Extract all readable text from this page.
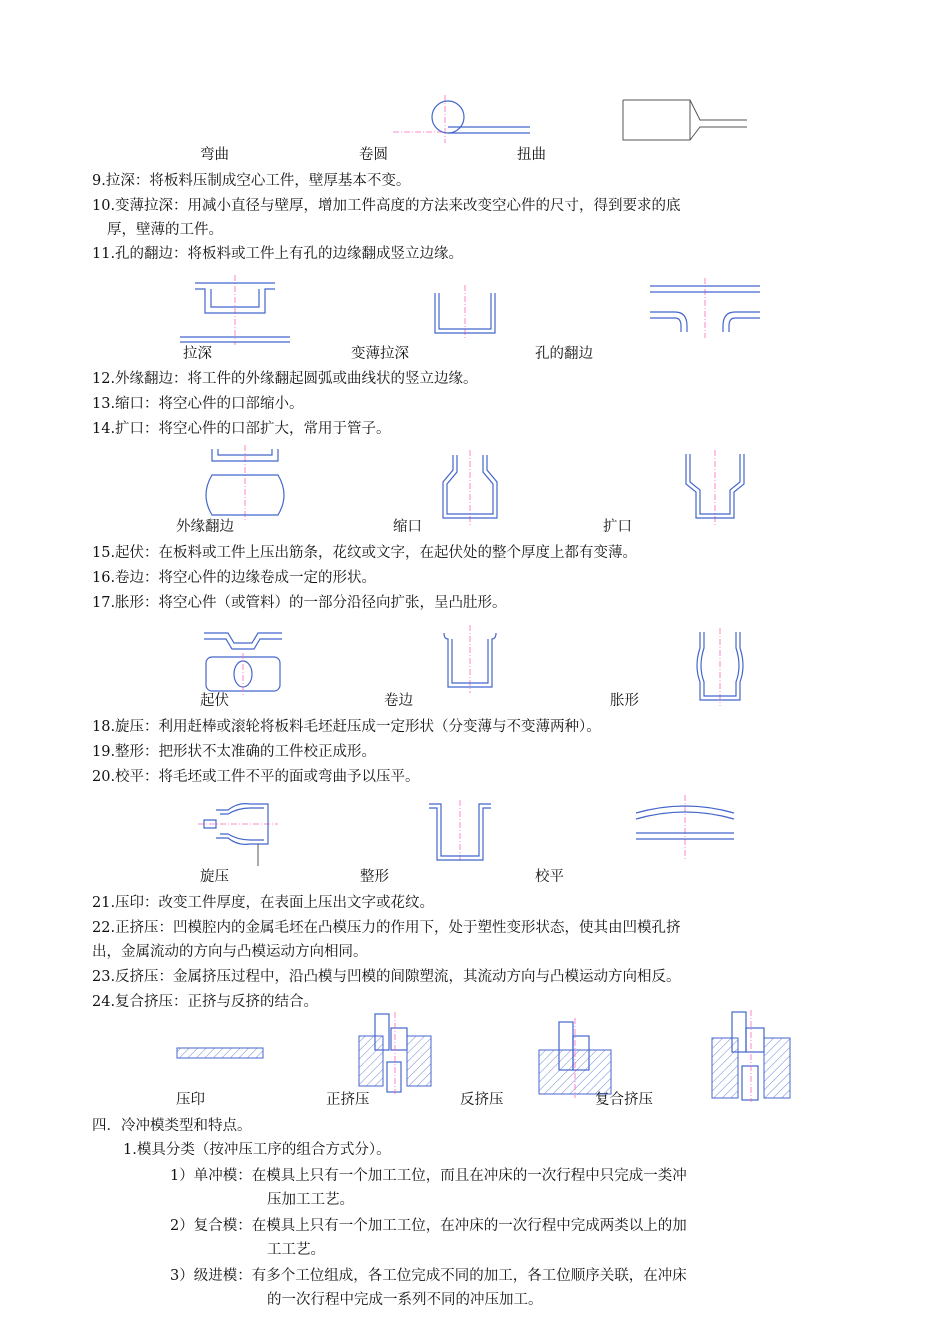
弯曲	卷圆	扭曲
9.拉深：将板料压制成空心工件，壁厚基本不变。
10.变薄拉深：用减小直径与壁厚，增加工件高度的方法来改变空心件的尺寸，得到要求的底
厚，壁薄的工件。
11.孔的翻边：将板料或工件上有孔的边缘翻成竖立边缘。
拉深	变薄拉深	孔的翻边
12.外缘翻边：将工件的外缘翻起圆弧或曲线状的竖立边缘。
13.缩口：将空心件的口部缩小。
14.扩口：将空心件的口部扩大，常用于管子。
外缘翻边	缩口	扩口
15.起伏：在板料或工件上压出筋条，花纹或文字，在起伏处的整个厚度上都有变薄。
16.卷边：将空心件的边缘卷成一定的形状。
17.胀形：将空心件（或管料）的一部分沿径向扩张，呈凸肚形。
起伏	卷边	胀形
18.旋压：利用赶棒或滚轮将板料毛坯赶压成一定形状（分变薄与不变薄两种）。
19.整形：把形状不太准确的工件校正成形。
20.校平：将毛坯或工件不平的面或弯曲予以压平。
旋压	整形	校平
21.压印：改变工件厚度，在表面上压出文字或花纹。
22.正挤压：凹模腔内的金属毛坯在凸模压力的作用下，处于塑性变形状态，使其由凹模孔挤
出，金属流动的方向与凸模运动方向相同。
23.反挤压：金属挤压过程中，沿凸模与凹模的间隙塑流，其流动方向与凸模运动方向相反。
24.复合挤压：正挤与反挤的结合。
压印	正挤压	反挤压	复合挤压
四．冷冲模类型和特点。
1.模具分类（按冲压工序的组合方式分）。
1）单冲模：在模具上只有一个加工工位，而且在冲床的一次行程中只完成一类冲
压加工工艺。
2）复合模：在模具上只有一个加工工位，在冲床的一次行程中完成两类以上的加
工工艺。
3）级进模：有多个工位组成，各工位完成不同的加工，各工位顺序关联，在冲床
的一次行程中完成一系列不同的冲压加工。
